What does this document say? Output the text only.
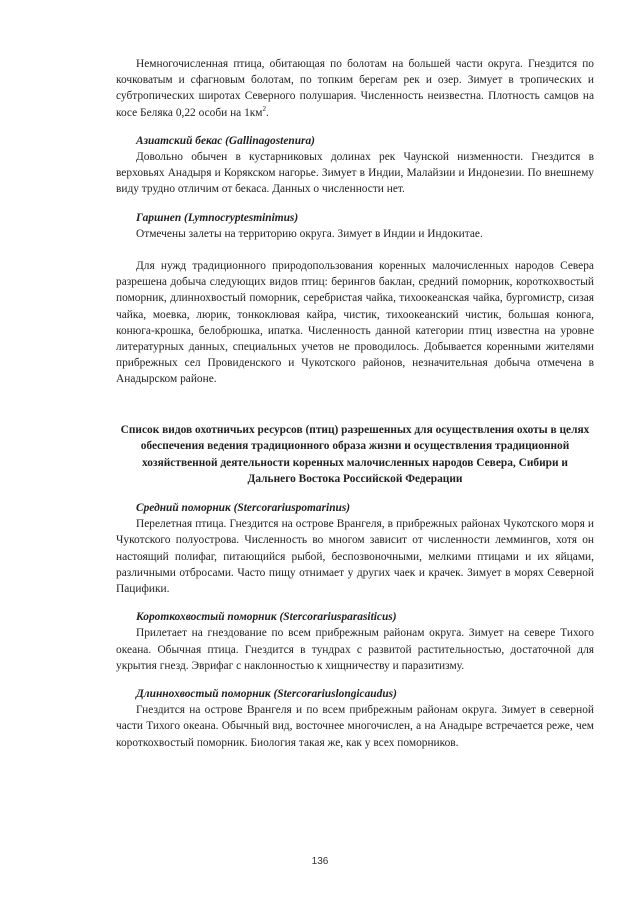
Немногочисленная птица, обитающая по болотам на большей части округа. Гнездится по кочковатым и сфагновым болотам, по топким берегам рек и озер. Зимует в тропических и субтропических широтах Северного полушария. Численность неизвестна. Плотность самцов на косе Беляка 0,22 особи на $1км^2$.

Азиатский бекас (Gallinagostenura)

Довольно обычен в кустарниковых долинах рек Чаунской низменности. Гнездится в верховьях Анадыря и Корякском нагорье. Зимует в Индии, Малайзии и Индонезии. По внешнему виду трудно отличим от бекаса. Данных о численности нет.

Гаршнеп (Lymnocryptesminimus)

Отмечены залеты на территорию округа. Зимует в Индии и Индокитае.

Для нужд традиционного природопользования коренных малочисленных народов Севера разрешена добыча следующих видов птиц: берингов баклан, средний поморник, короткохвостый поморник, длиннохвостый поморник, серебристая чайка, тихоокеанская чайка, бургомистр, сизая чайка, моевка, люрик, тонкоклювая кайра, чистик, тихоокеанский чистик, большая конюга, конюга-крошка, белобрюшка, ипатка. Численность данной категории птиц известна на уровне литературных данных, специальных учетов не проводилось. Добывается коренными жителями прибрежных сел Провиденского и Чукотского районов, незначительная добыча отмечена в Анадырском районе.

Список видов охотничьих ресурсов (птиц) разрешенных для осуществления охоты в целях обеспечения ведения традиционного образа жизни и осуществления традиционной хозяйственной деятельности коренных малочисленных народов Севера, Сибири и Дальнего Востока Российской Федерации
Средний поморник (Stercorariuspomarinus)

Перелетная птица. Гнездится на острове Врангеля, в прибрежных районах Чукотского моря и Чукотского полуострова. Численность во многом зависит от численности леммингов, хотя он настоящий полифаг, питающийся рыбой, беспозвоночными, мелкими птицами и их яйцами, различными отбросами. Часто пищу отнимает у других чаек и крачек. Зимует в морях Северной Пацифики.

Короткохвостый поморник (Stercorariusparasiticus)

Прилетает на гнездование по всем прибрежным районам округа. Зимует на севере Тихого океана. Обычная птица. Гнездится в тундрах с развитой растительностью, достаточной для укрытия гнезд. Эврифаг с наклонностью к хищничеству и паразитизму.

Длиннохвостый поморник (Stercorariuslongicaudus)

Гнездится на острове Врангеля и по всем прибрежным районам округа. Зимует в северной части Тихого океана. Обычный вид, восточнее многочислен, а на Анадыре встречается реже, чем короткохвостый поморник. Биология такая же, как у всех поморников.

136
